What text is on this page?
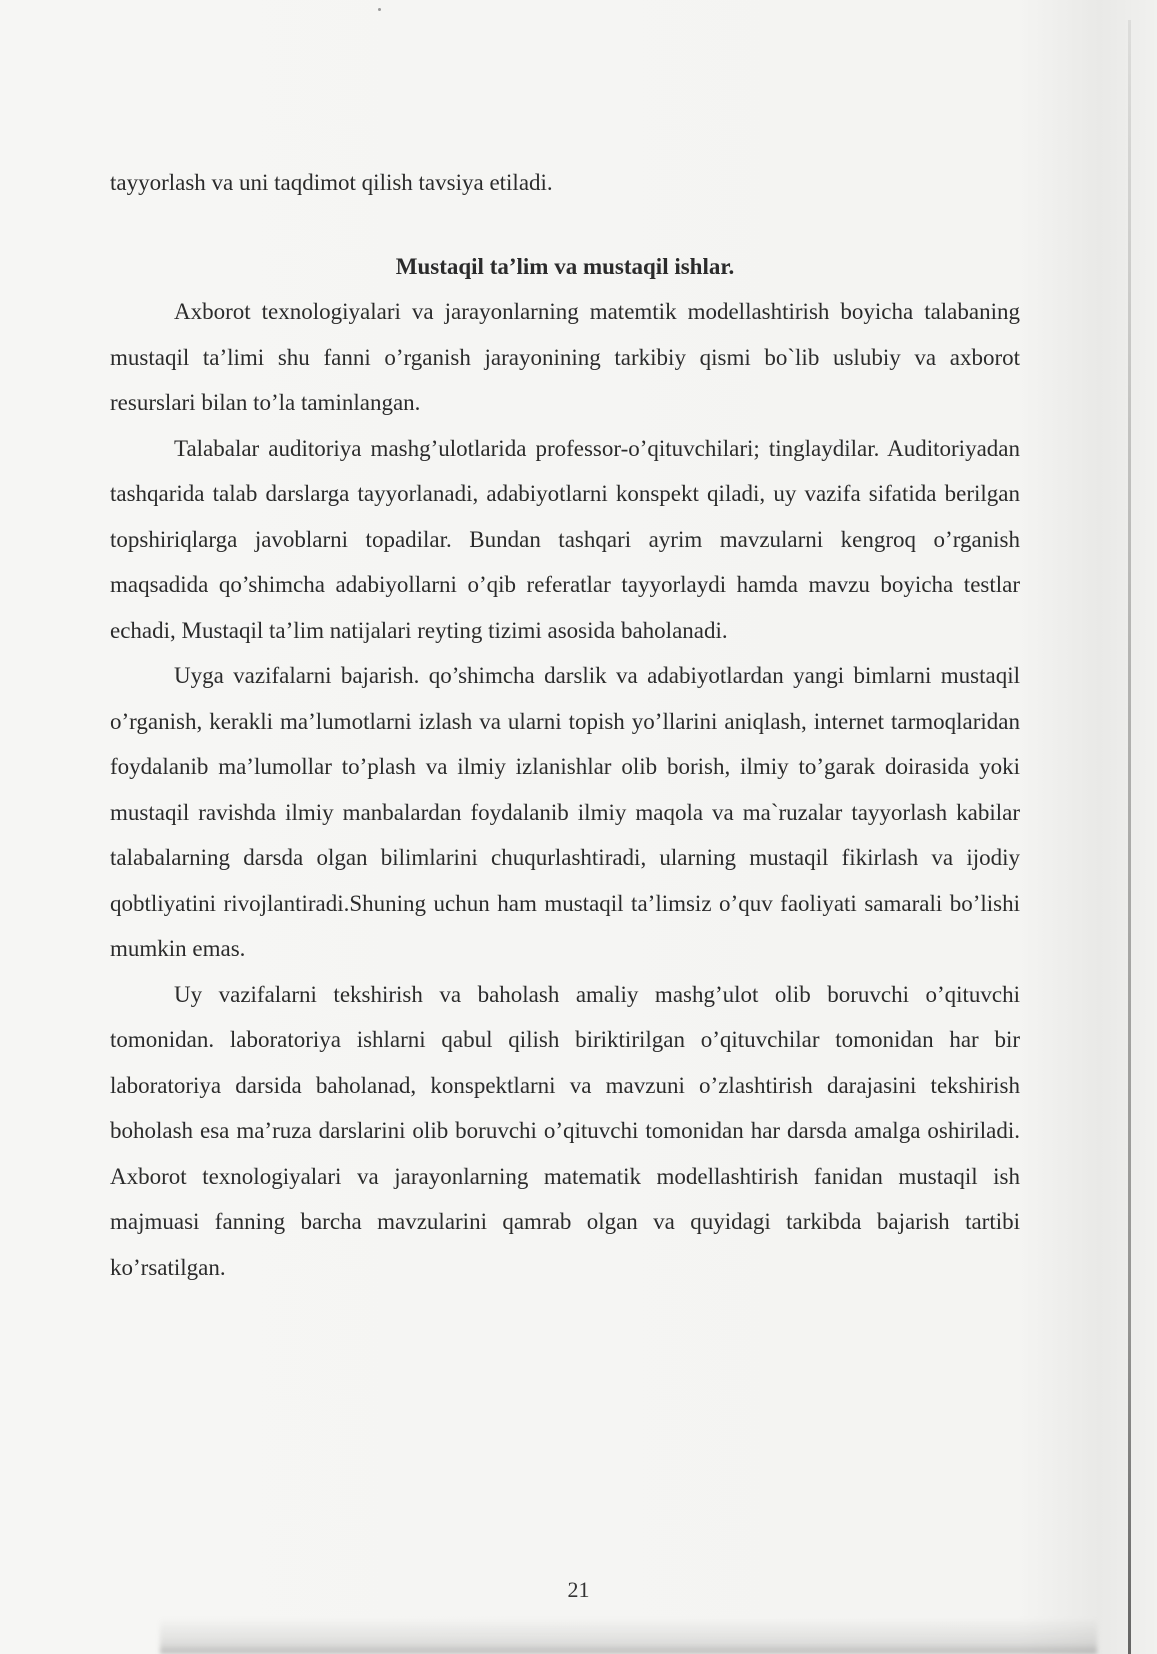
tayyorlash va uni taqdimot qilish tavsiya etiladi.

Mustaqil ta’lim va mustaqil ishlar.

Axborot texnologiyalari va jarayonlarning matemtik modellashtirish boyicha talabaning mustaqil ta’limi shu fanni o’rganish jarayonining tarkibiy qismi bo`lib uslubiy va axborot resurslari bilan to’la taminlangan.

Talabalar auditoriya mashg’ulotlarida professor-o’qituvchilari; tinglaydilar. Auditoriyadan tashqarida talab darslarga tayyorlanadi, adabiyotlarni konspekt qiladi, uy vazifa sifatida berilgan topshiriqlarga javoblarni topadilar. Bundan tashqari ayrim mavzularni kengroq o’rganish maqsadida qo’shimcha adabiyollarni o’qib referatlar tayyorlaydi hamda mavzu boyicha testlar echadi, Mustaqil ta’lim natijalari reyting tizimi asosida baholanadi.

Uyga vazifalarni bajarish. qo’shimcha darslik va adabiyotlardan yangi bimlarni mustaqil o’rganish, kerakli ma’lumotlarni izlash va ularni topish yo’llarini aniqlash, internet tarmoqlaridan foydalanib ma’lumollar to’plash va ilmiy izlanishlar olib borish, ilmiy to’garak doirasida yoki mustaqil ravishda ilmiy manbalardan foydalanib ilmiy maqola va ma`ruzalar tayyorlash kabilar talabalarning darsda olgan bilimlarini chuqurlashtiradi, ularning mustaqil fikirlash va ijodiy qobtliyatini rivojlantiradi.Shuning uchun ham mustaqil ta’limsiz o’quv faoliyati samarali bo’lishi mumkin emas.

Uy vazifalarni tekshirish va baholash amaliy mashg’ulot olib boruvchi o’qituvchi tomonidan. laboratoriya ishlarni qabul qilish biriktirilgan o’qituvchilar tomonidan har bir laboratoriya darsida baholanad, konspektlarni va mavzuni o’zlashtirish darajasini tekshirish boholash esa ma’ruza darslarini olib boruvchi o’qituvchi tomonidan har darsda amalga oshiriladi. Axborot texnologiyalari va jarayonlarning matematik modellashtirish fanidan mustaqil ish majmuasi fanning barcha mavzularini qamrab olgan va quyidagi tarkibda bajarish tartibi ko’rsatilgan.

21
